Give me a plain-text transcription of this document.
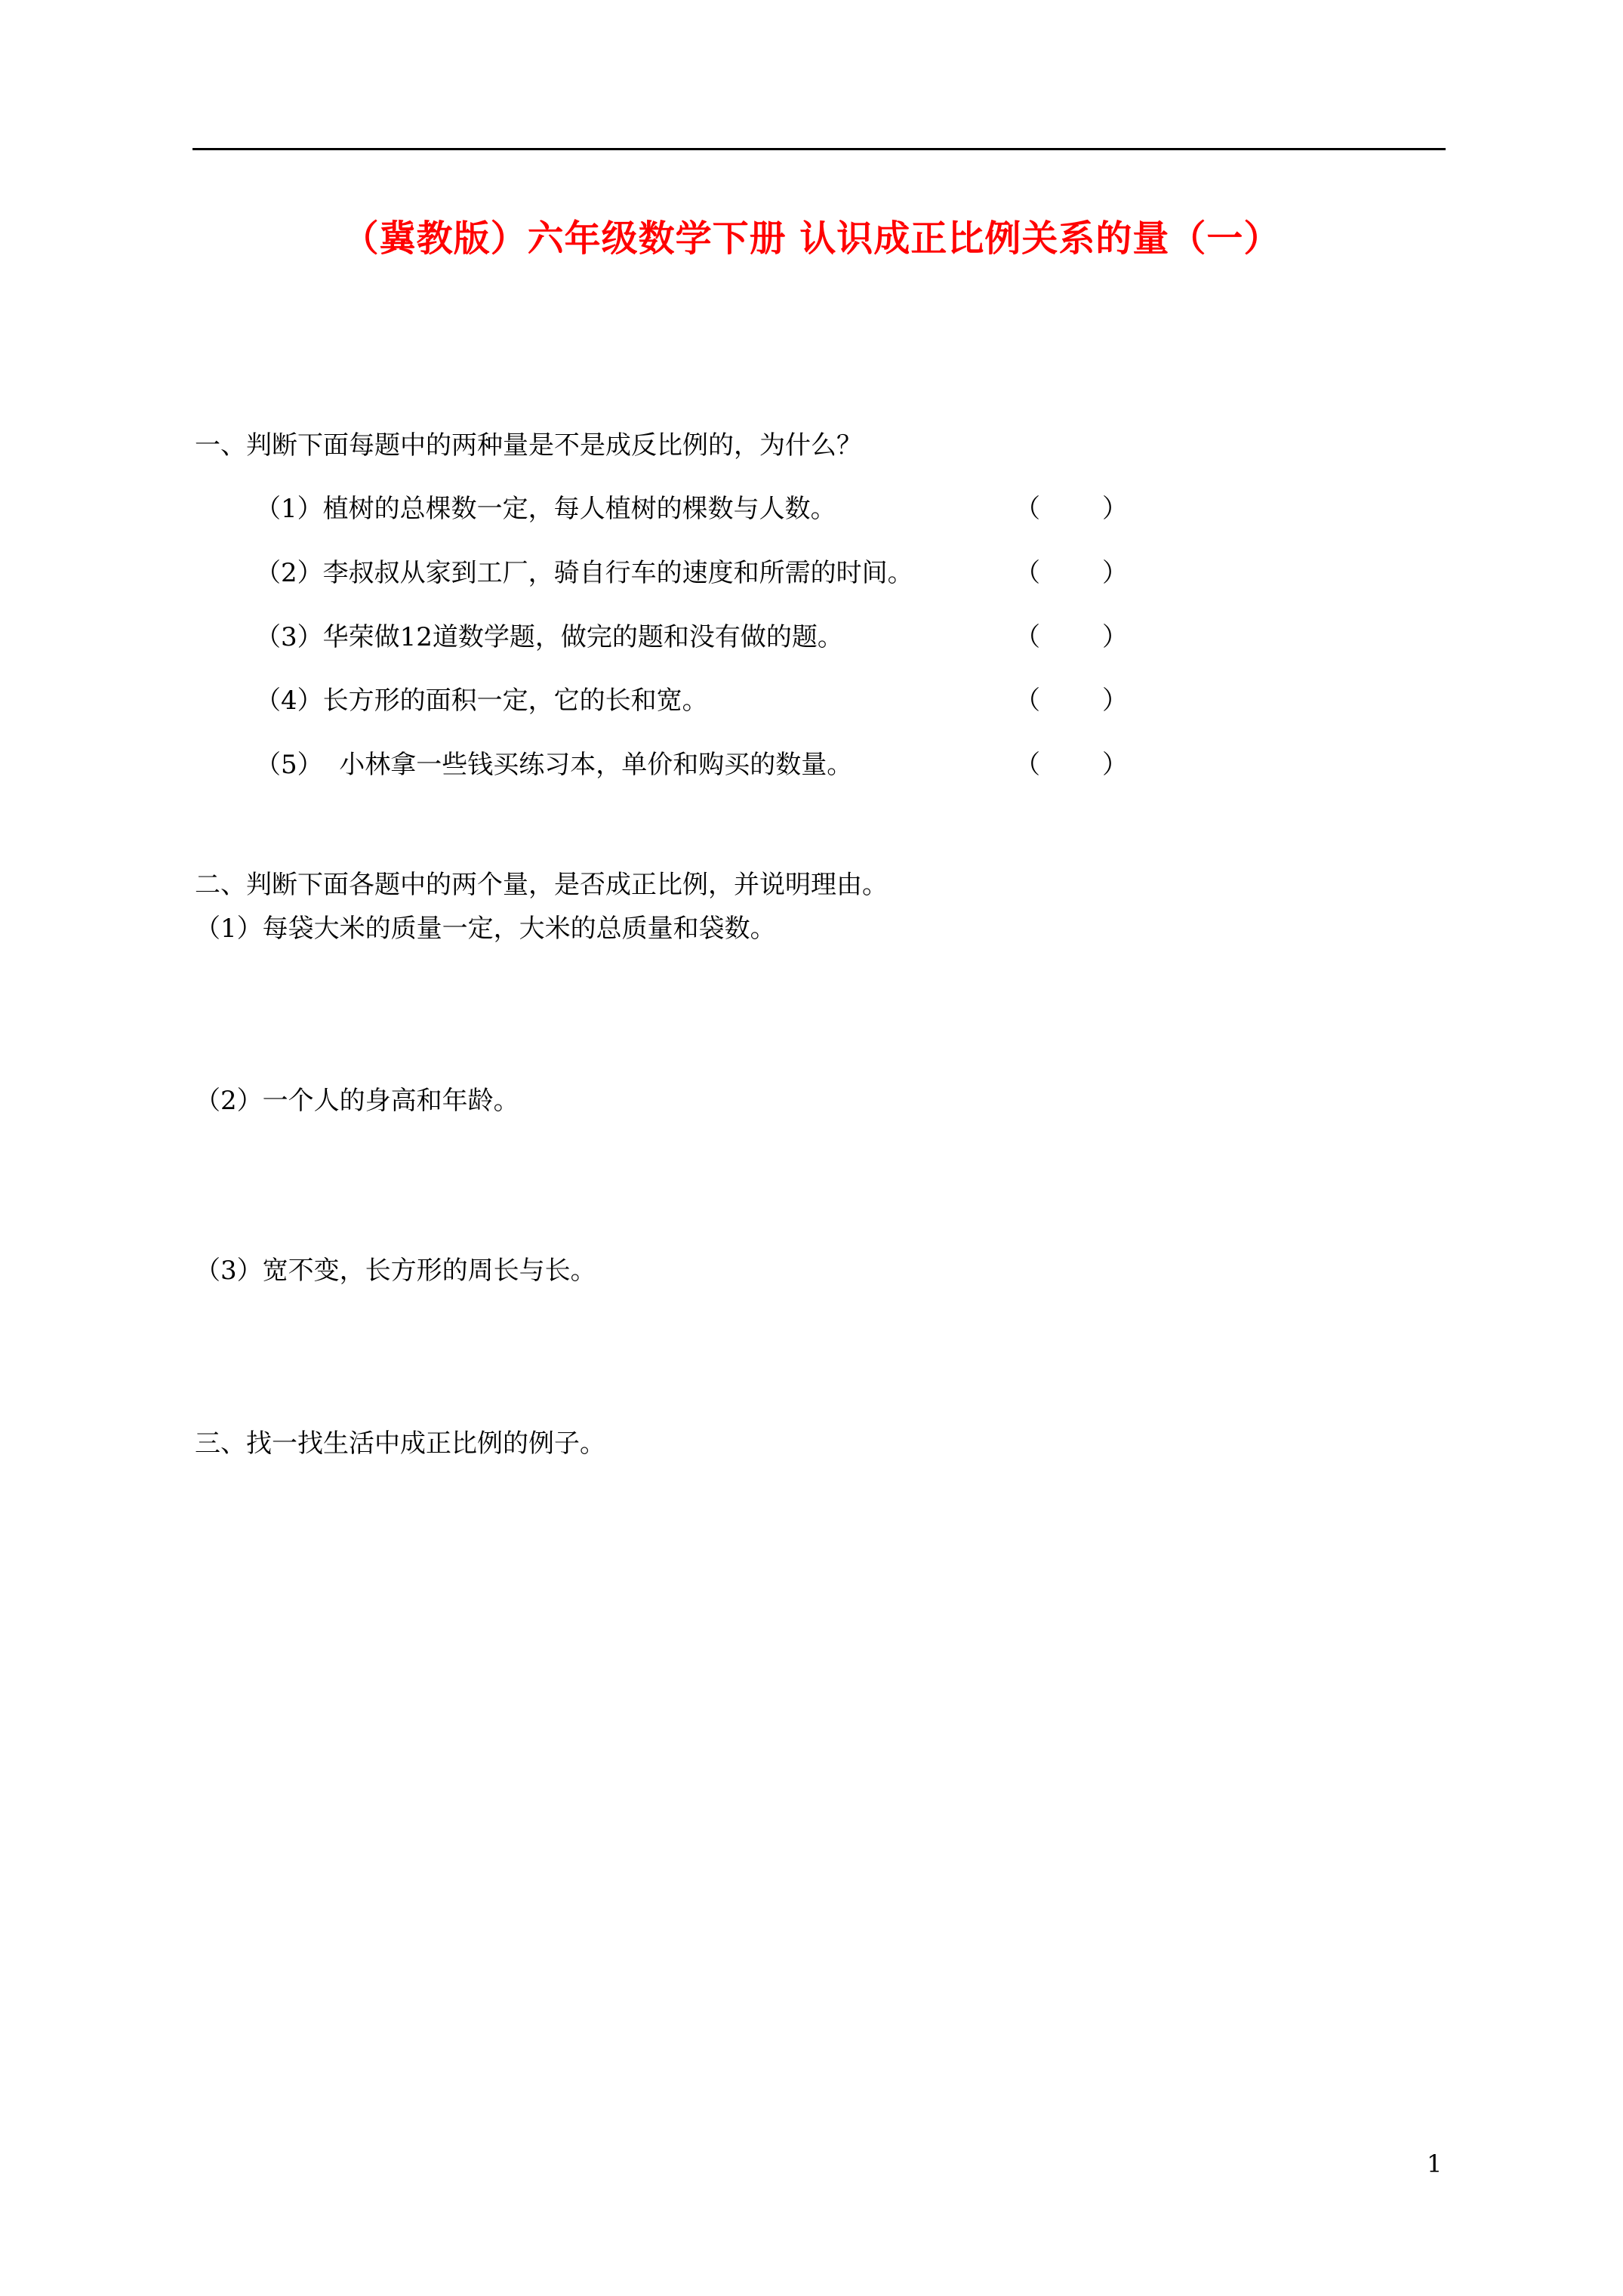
（冀教版）六年级数学下册 认识成正比例关系的量（一）
一、判断下面每题中的两种量是不是成反比例的，为什么？
（1）植树的总棵数一定，每人植树的棵数与人数。	（ ）
（2）李叔叔从家到工厂，骑自行车的速度和所需的时间。	（ ）
（3）华荣做12道数学题，做完的题和没有做的题。	（ ）
（4）长方形的面积一定，它的长和宽。	（ ）
（5）  小林拿一些钱买练习本，单价和购买的数量。	（ ）
二、判断下面各题中的两个量，是否成正比例，并说明理由。
（1）每袋大米的质量一定，大米的总质量和袋数。
（2）一个人的身高和年龄。
（3）宽不变，长方形的周长与长。
三、找一找生活中成正比例的例子。
1
